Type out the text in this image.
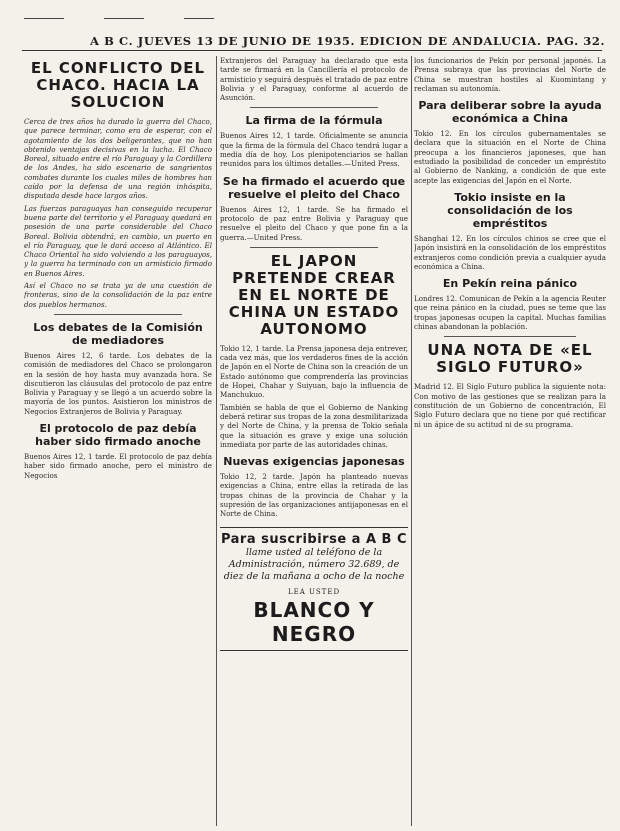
A B C. JUEVES 13 DE JUNIO DE 1935. EDICION DE ANDALUCIA. PAG. 32.
EL CONFLICTO DEL CHACO. HACIA LA SOLUCION

Cerca de tres años ha durado la guerra del Chaco, que parece terminar, como era de esperar, con el agotamiento de los dos beligerantes, que no han obtenido ventajas decisivas en la lucha. El Chaco Boreal, situado entre el río Paraguay y la Cordillera de los Andes, ha sido escenario de sangrientos combates durante los cuales miles de hombres han caído por la defensa de una región inhóspita, disputada desde hace largos años.

Las fuerzas paraguayas han conseguido recuperar buena parte del territorio y el Paraguay quedará en posesión de una parte considerable del Chaco Boreal. Bolivia obtendrá, en cambio, un puerto en el río Paraguay, que le dará acceso al Atlántico. El Chaco Oriental ha sido volviendo a los paraguayos, y la guerra ha terminado con un armisticio firmado en Buenos Aires.

Así el Chaco no se trata ya de una cuestión de fronteras, sino de la consolidación de la paz entre dos pueblos hermanos.

Los debates de la Comisión de mediadores

Buenos Aires 12, 6 tarde. Los debates de la comisión de mediadores del Chaco se prolongaron en la sesión de hoy hasta muy avanzada hora. Se discutieron las cláusulas del protocolo de paz entre Bolivia y Paraguay y se llegó a un acuerdo sobre la mayoría de los puntos. Asistieron los ministros de Negocios Extranjeros de Bolivia y Paraguay.

El protocolo de paz debía haber sido firmado anoche

Buenos Aires 12, 1 tarde. El protocolo de paz debía haber sido firmado anoche, pero el ministro de Negocios

Extranjeros del Paraguay ha declarado que esta tarde se firmará en la Cancillería el protocolo de armisticio y seguirá después el tratado de paz entre Bolivia y el Paraguay, conforme al acuerdo de Asunción.

La firma de la fórmula

Buenos Aires 12, 1 tarde. Oficialmente se anuncia que la firma de la fórmula del Chaco tendrá lugar a media día de hoy. Los plenipotenciarios se hallan reunidos para los últimos detalles.—United Press.

Se ha firmado el acuerdo que resuelve el pleito del Chaco

Buenos Aires 12, 1 tarde. Se ha firmado el protocolo de paz entre Bolivia y Paraguay que resuelve el pleito del Chaco y que pone fin a la guerra.—United Press.

EL JAPON PRETENDE CREAR EN EL NORTE DE CHINA UN ESTADO AUTONOMO

Tokio 12, 1 tarde. La Prensa japonesa deja entrever, cada vez más, que los verdaderos fines de la acción de Japón en el Norte de China son la creación de un Estado autónomo que comprendería las provincias de Hopei, Chahar y Suiyuan, bajo la influencia de Manchukuo.

También se habla de que el Gobierno de Nanking deberá retirar sus tropas de la zona desmilitarizada y del Norte de China, y la prensa de Tokio señala que la situación es grave y exige una solución inmediata por parte de las autoridades chinas.

Nuevas exigencias japonesas

Tokio 12, 2 tarde. Japón ha planteado nuevas exigencias a China, entre ellas la retirada de las tropas chinas de la provincia de Chahar y la supresión de las organizaciones antijaponesas en el Norte de China.

Para suscribirse a A B C
llame usted al teléfono de la Administración, número 32.689, de diez de la mañana a ocho de la noche
LEA USTED
BLANCO Y NEGRO

los funcionarios de Pekín por personal japonés. La Prensa subraya que las provincias del Norte de China se muestran hostiles al Kuomintang y reclaman su autonomía.

Para deliberar sobre la ayuda económica a China

Tokio 12. En los círculos gubernamentales se declara que la situación en el Norte de China preocupa a los financieros japoneses, que han estudiado la posibilidad de conceder un empréstito al Gobierno de Nanking, a condición de que este acepte las exigencias del Japón en el Norte.

Tokio insiste en la consolidación de los empréstitos

Shanghai 12. En los círculos chinos se cree que el Japón insistirá en la consolidación de los empréstitos extranjeros como condición previa a cualquier ayuda económica a China.

En Pekín reina pánico

Londres 12. Comunican de Pekín a la agencia Reuter que reina pánico en la ciudad, pues se teme que las tropas japonesas ocupen la capital. Muchas familias chinas abandonan la población.

UNA NOTA DE «EL SIGLO FUTURO»

Madrid 12. El Siglo Futuro publica la siguiente nota: Con motivo de las gestiones que se realizan para la constitución de un Gobierno de concentración, El Siglo Futuro declara que no tiene por qué rectificar ni un ápice de su actitud ni de su programa.
